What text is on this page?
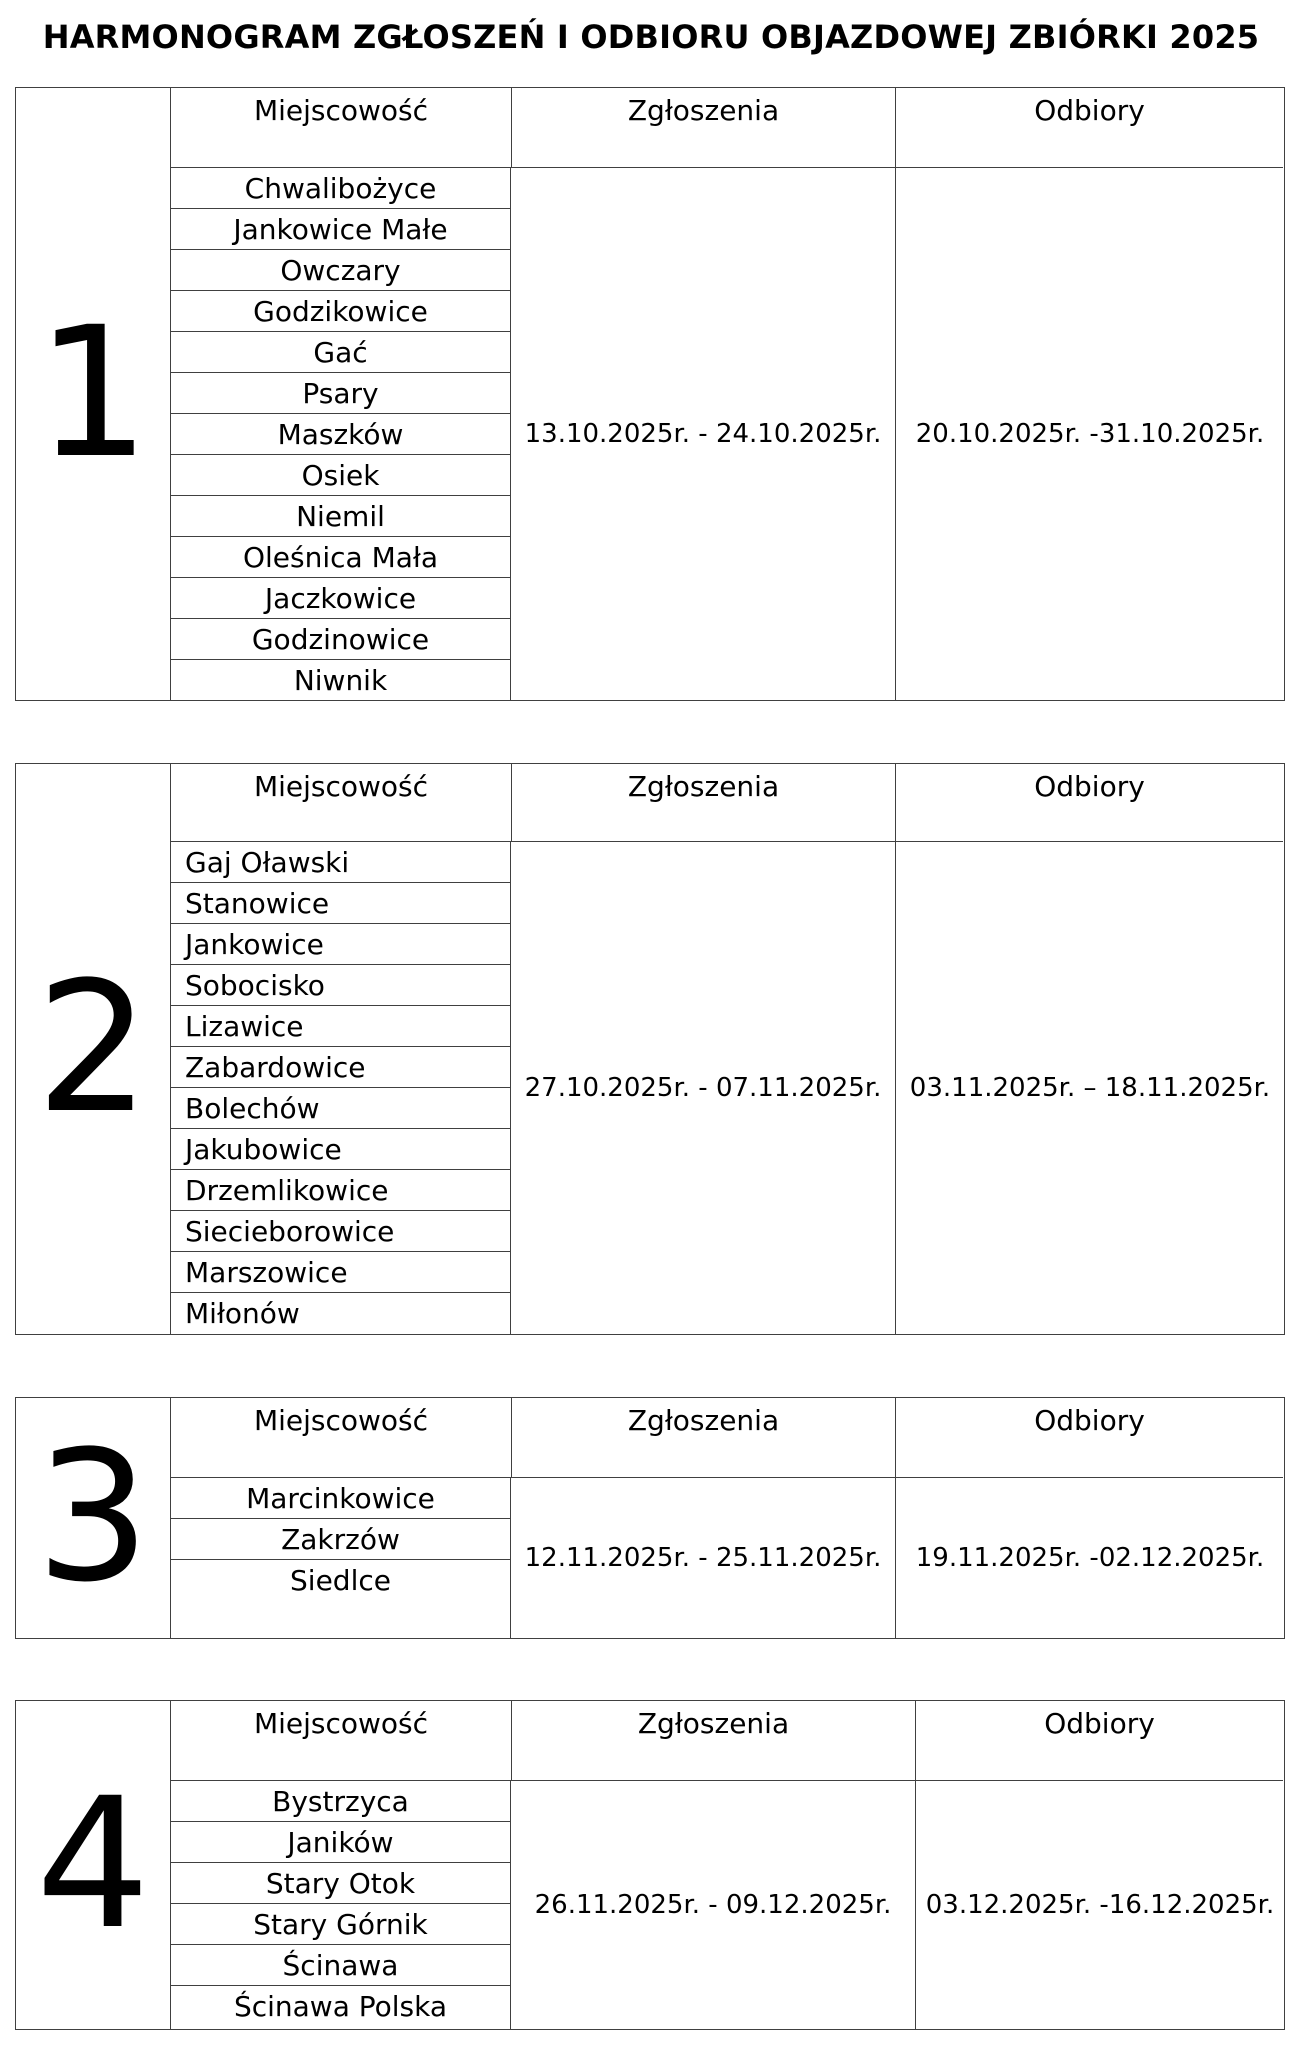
HARMONOGRAM ZGŁOSZEŃ I ODBIORU OBJAZDOWEJ ZBIÓRKI 2025
1
Miejscowość	Zgłoszenia	Odbiory
Chwalibożyce
Jankowice Małe
Owczary
Godzikowice
Gać
Psary
Maszków
Osiek
Niemil
Oleśnica Mała
Jaczkowice
Godzinowice
Niwnik
13.10.2025r. - 24.10.2025r.	20.10.2025r. -31.10.2025r.
2
Miejscowość	Zgłoszenia	Odbiory
Gaj Oławski
Stanowice
Jankowice
Sobocisko
Lizawice
Zabardowice
Bolechów
Jakubowice
Drzemlikowice
Siecieborowice
Marszowice
Miłonów
27.10.2025r. - 07.11.2025r.	03.11.2025r. – 18.11.2025r.
3	Miejscowość	Zgłoszenia	Odbiory
Marcinkowice
Zakrzów
Siedlce
12.11.2025r. - 25.11.2025r.	19.11.2025r. -02.12.2025r.
4
Miejscowość	Zgłoszenia	Odbiory
Bystrzyca
Janików
Stary Otok
Stary Górnik
Ścinawa
Ścinawa Polska
26.11.2025r. - 09.12.2025r.	03.12.2025r. -16.12.2025r.
